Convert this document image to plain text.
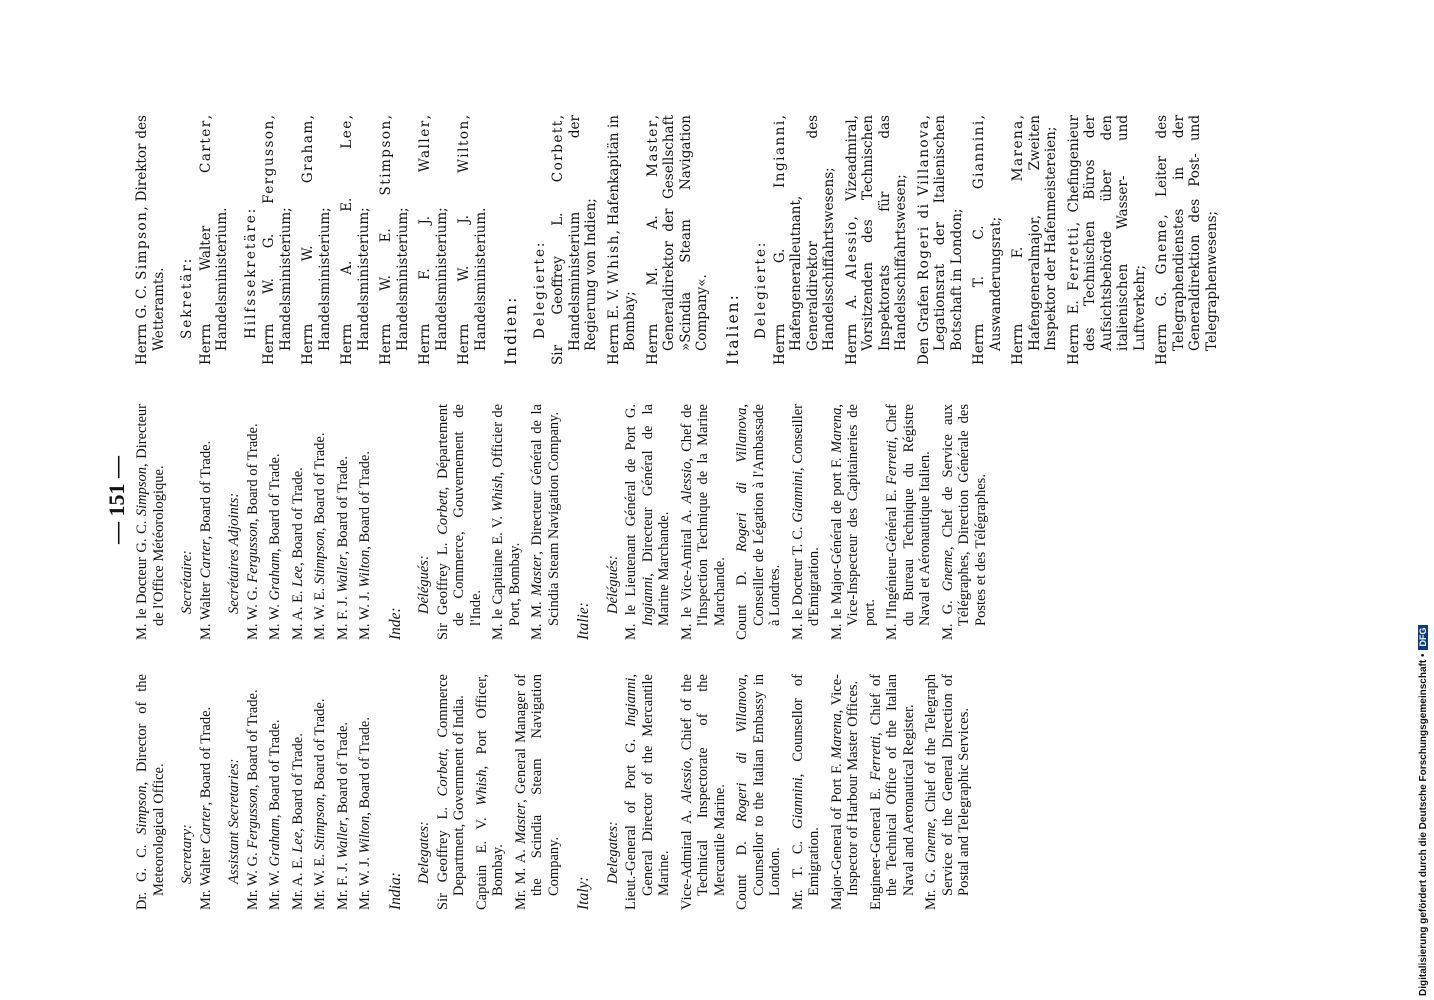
— 151 —
Dr. G. C. Simpson, Director of the Meteorological Office. Secretary: Mr. Walter Carter, Board of Trade.
Assistant Secretaries: Mr. W. G. Fergusson, Board of Trade.
Mr. W. Graham, Board of Trade.
Mr. A. E. Lee, Board of Trade.
Mr. W. E. Stimpson, Board of Trade.
Mr. F. J. Waller, Board of Trade.
Mr. W. J. Wilton, Board of Trade.
India:
Delegates: Sir Geoffrey L. Corbett, Commerce Department, Government of India. Captain E. V. Whish, Port Officer, Bombay. Mr. M. A. Master, General Manager of the Scindia Steam Navigation Company. Italy:
Delegates: Lieut.-General of Port G. Ingianni, General Director of the Mercantile Marine. Vice-Admiral A. Alessio, Chief of the Technical Inspectorate of the Mercantile Marine. Count D. Rogeri di Villanova, Counsellor to the Italian Embassy in London. Mr. T. C. Giannini, Counsellor of Emigration. Major-General of Port F. Marena, Vice-Inspector of Harbour Master Offices. Engineer-General E. Ferretti, Chief of the Technical Office of the Italian Naval and Aeronautical Register. Mr. G. Gneme, Chief of the Telegraph Service of the General Direction of Postal and Telegraphic Services.
M. le Docteur G. C. Simpson, Directeur de l'Office Météorologique. Secrétaire: M. Walter Carter, Board of Trade.
Secrétaires Adjoints: M. W. G. Fergusson, Board of Trade.
M. W. Graham, Board of Trade.
M. A. E. Lee, Board of Trade.
M. W. E. Stimpson, Board of Trade.
M. F. J. Waller, Board of Trade.
M. W. J. Wilton, Board of Trade.
Inde:
Délégués: Sir Geoffrey L. Corbett, Département de Commerce, Gouvernement de l'Inde. M. le Capitaine E. V. Whish, Officier de Port, Bombay. M. M. Master, Directeur Général de la Scindia Steam Navigation Company. Italie:
Délégués: M. le Lieutenant Général de Port G. Ingianni, Directeur Général de la Marine Marchande. M. le Vice-Amiral A. Alessio, Chef de l'Inspection Technique de la Marine Marchande. Count D. Rogeri di Villanova, Conseiller de Légation à l'Ambassade à Londres. M. le Docteur T. C. Giannini, Conseiller d'Emigration. M. le Major-Général de port F. Marena, Vice-Inspecteur des Capitaineries de port. M. l'Ingénieur-Général E. Ferretti, Chef du Bureau Technique du Régistre Naval et Aéronautique Italien. M. G. Gneme, Chef de Service aux Télégraphes, Direction Générale des Postes et des Télégraphes.
Herrn G. C. Simpson, Direktor des Wetteramts. Sekretär: Herrn Walter Carter, Handelsministerium. Hilfssekretäre: Herrn W. G. Fergusson, Handelsministerium; Herrn W. Graham, Handelsministerium; Herrn A. E. Lee, Handelsministerium; Herrn W. E. Stimpson, Handelsministerium; Herrn F. J. Waller, Handelsministerium; Herrn W. J. Wilton, Handelsministerium. Indien: Delegierte: Sir Geoffrey L. Corbett, Handelsministerium der Regierung von Indien; Herrn E. V. Whish, Hafenkapitän in Bombay; Herrn M. A. Master, Generaldirektor der Gesellschaft »Scindia Steam Navigation Company«. Italien: Delegierte: Herrn G. Ingianni, Hafengeneralleutnant, Generaldirektor des Handelsschiffahrtswesens; Herrn A. Alessio, Vizeadmiral, Vorsitzenden des Technischen Inspektorats für das Handelsschiffahrtswesen; Den Grafen Rogeri di Villanova, Legationsrat der Italienischen Botschaft in London; Herrn T. C. Giannini, Auswanderungsrat; Herrn F. Marena, Hafengeneralmajor, Zweiten Inspektor der Hafenmeistereien; Herrn E. Ferretti, Chefingenieur des Technischen Büros der Aufsichtsbehörde über den italienischen Wasser- und Luftverkehr; Herrn G. Gneme, Leiter des Telegraphendienstes in der Generaldirektion des Post- und Telegraphenwesens;
Digitalisierung gefördert durch die Deutsche Forschungsgemeinschaft •DFG
